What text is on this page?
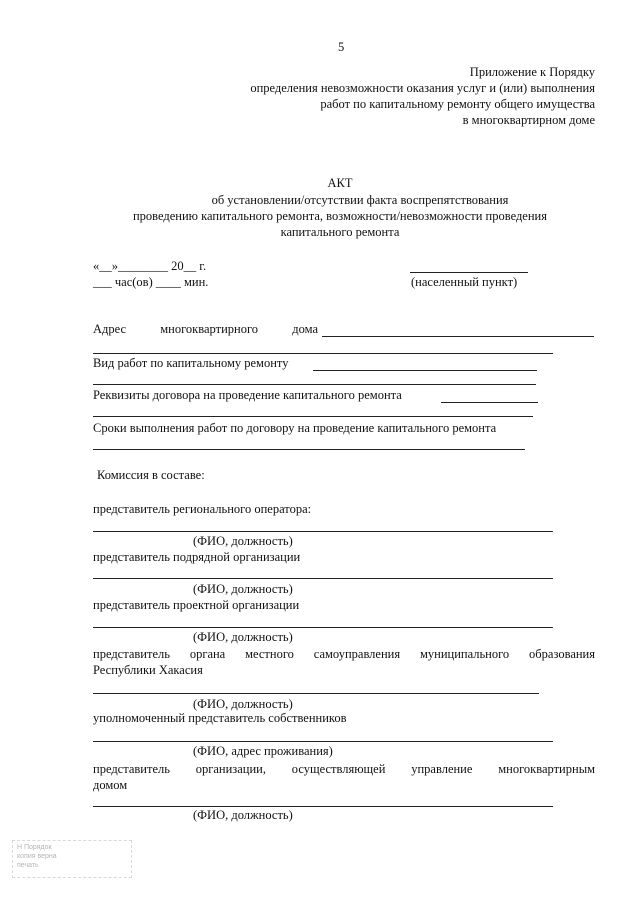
5
Приложение к Порядку
определения невозможности оказания услуг и (или) выполнения
работ по капитальному ремонту общего имущества
в многоквартирном доме
АКТ
об установлении/отсутствии факта воспрепятствования
проведению капитального ремонта, возможности/невозможности проведения
капитального ремонта
«__»________ 20__ г.
___ час(ов) ____ мин.	(населенный пункт)
Адрес многоквартирного дома
Вид работ по капитальному ремонту
Реквизиты договора на проведение капитального ремонта
Сроки выполнения работ по договору на проведение капитального ремонта
Комиссия в составе:
представитель регионального оператора:
(ФИО, должность)
представитель подрядной организации
(ФИО, должность)
представитель проектной организации
(ФИО, должность)
представитель органа местного самоуправления муниципального образования
Республики Хакасия
(ФИО, должность)
уполномоченный представитель собственников
(ФИО, адрес проживания)
представитель организации, осуществляющей управление многоквартирным
домом
(ФИО, должность)
Н Порядок
копия верна
печать
